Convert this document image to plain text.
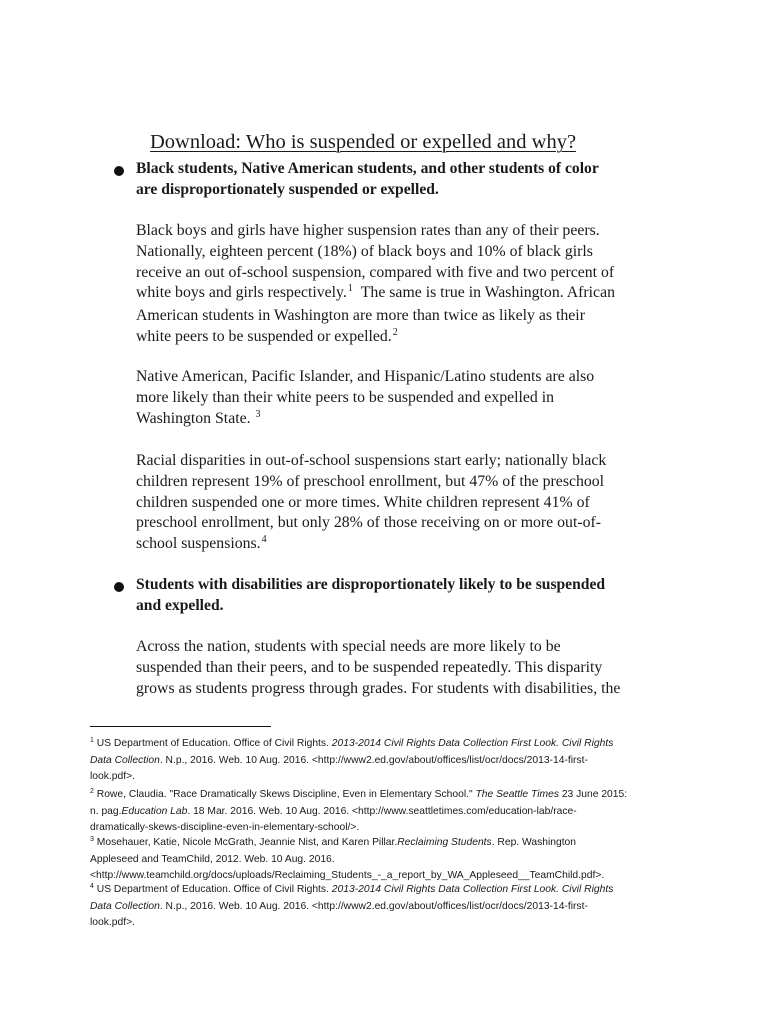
Download: Who is suspended or expelled and why?
Black students, Native American students, and other students of color
are disproportionately suspended or expelled.
Black boys and girls have higher suspension rates than any of their peers.
Nationally, eighteen percent (18%) of black boys and 10% of black girls
receive an out of-school suspension, compared with five and two percent of
white boys and girls respectively.$^1$ The same is true in Washington. African
American students in Washington are more than twice as likely as their
white peers to be suspended or expelled.$^2$
Native American, Pacific Islander, and Hispanic/Latino students are also
more likely than their white peers to be suspended and expelled in
Washington State. $^3$
Racial disparities in out-of-school suspensions start early; nationally black
children represent 19% of preschool enrollment, but 47% of the preschool
children suspended one or more times. White children represent 41% of
preschool enrollment, but only 28% of those receiving on or more out-of-
school suspensions.$^4$
Students with disabilities are disproportionately likely to be suspended
and expelled.
Across the nation, students with special needs are more likely to be
suspended than their peers, and to be suspended repeatedly. This disparity
grows as students progress through grades. For students with disabilities, the
$^1$ US Department of Education. Office of Civil Rights. 2013-2014 Civil Rights Data Collection First Look. Civil Rights
Data Collection. N.p., 2016. Web. 10 Aug. 2016. <http://www2.ed.gov/about/offices/list/ocr/docs/2013-14-first-
look.pdf>.
$^2$ Rowe, Claudia. "Race Dramatically Skews Discipline, Even in Elementary School." The Seattle Times 23 June 2015:
n. pag.Education Lab. 18 Mar. 2016. Web. 10 Aug. 2016. <http://www.seattletimes.com/education-lab/race-
dramatically-skews-discipline-even-in-elementary-school/>.
$^3$ Mosehauer, Katie, Nicole McGrath, Jeannie Nist, and Karen Pillar.Reclaiming Students. Rep. Washington
Appleseed and TeamChild, 2012. Web. 10 Aug. 2016.
<http://www.teamchild.org/docs/uploads/Reclaiming_Students_-_a_report_by_WA_Appleseed__TeamChild.pdf>.
$^4$ US Department of Education. Office of Civil Rights. 2013-2014 Civil Rights Data Collection First Look. Civil Rights
Data Collection. N.p., 2016. Web. 10 Aug. 2016. <http://www2.ed.gov/about/offices/list/ocr/docs/2013-14-first-
look.pdf>.
